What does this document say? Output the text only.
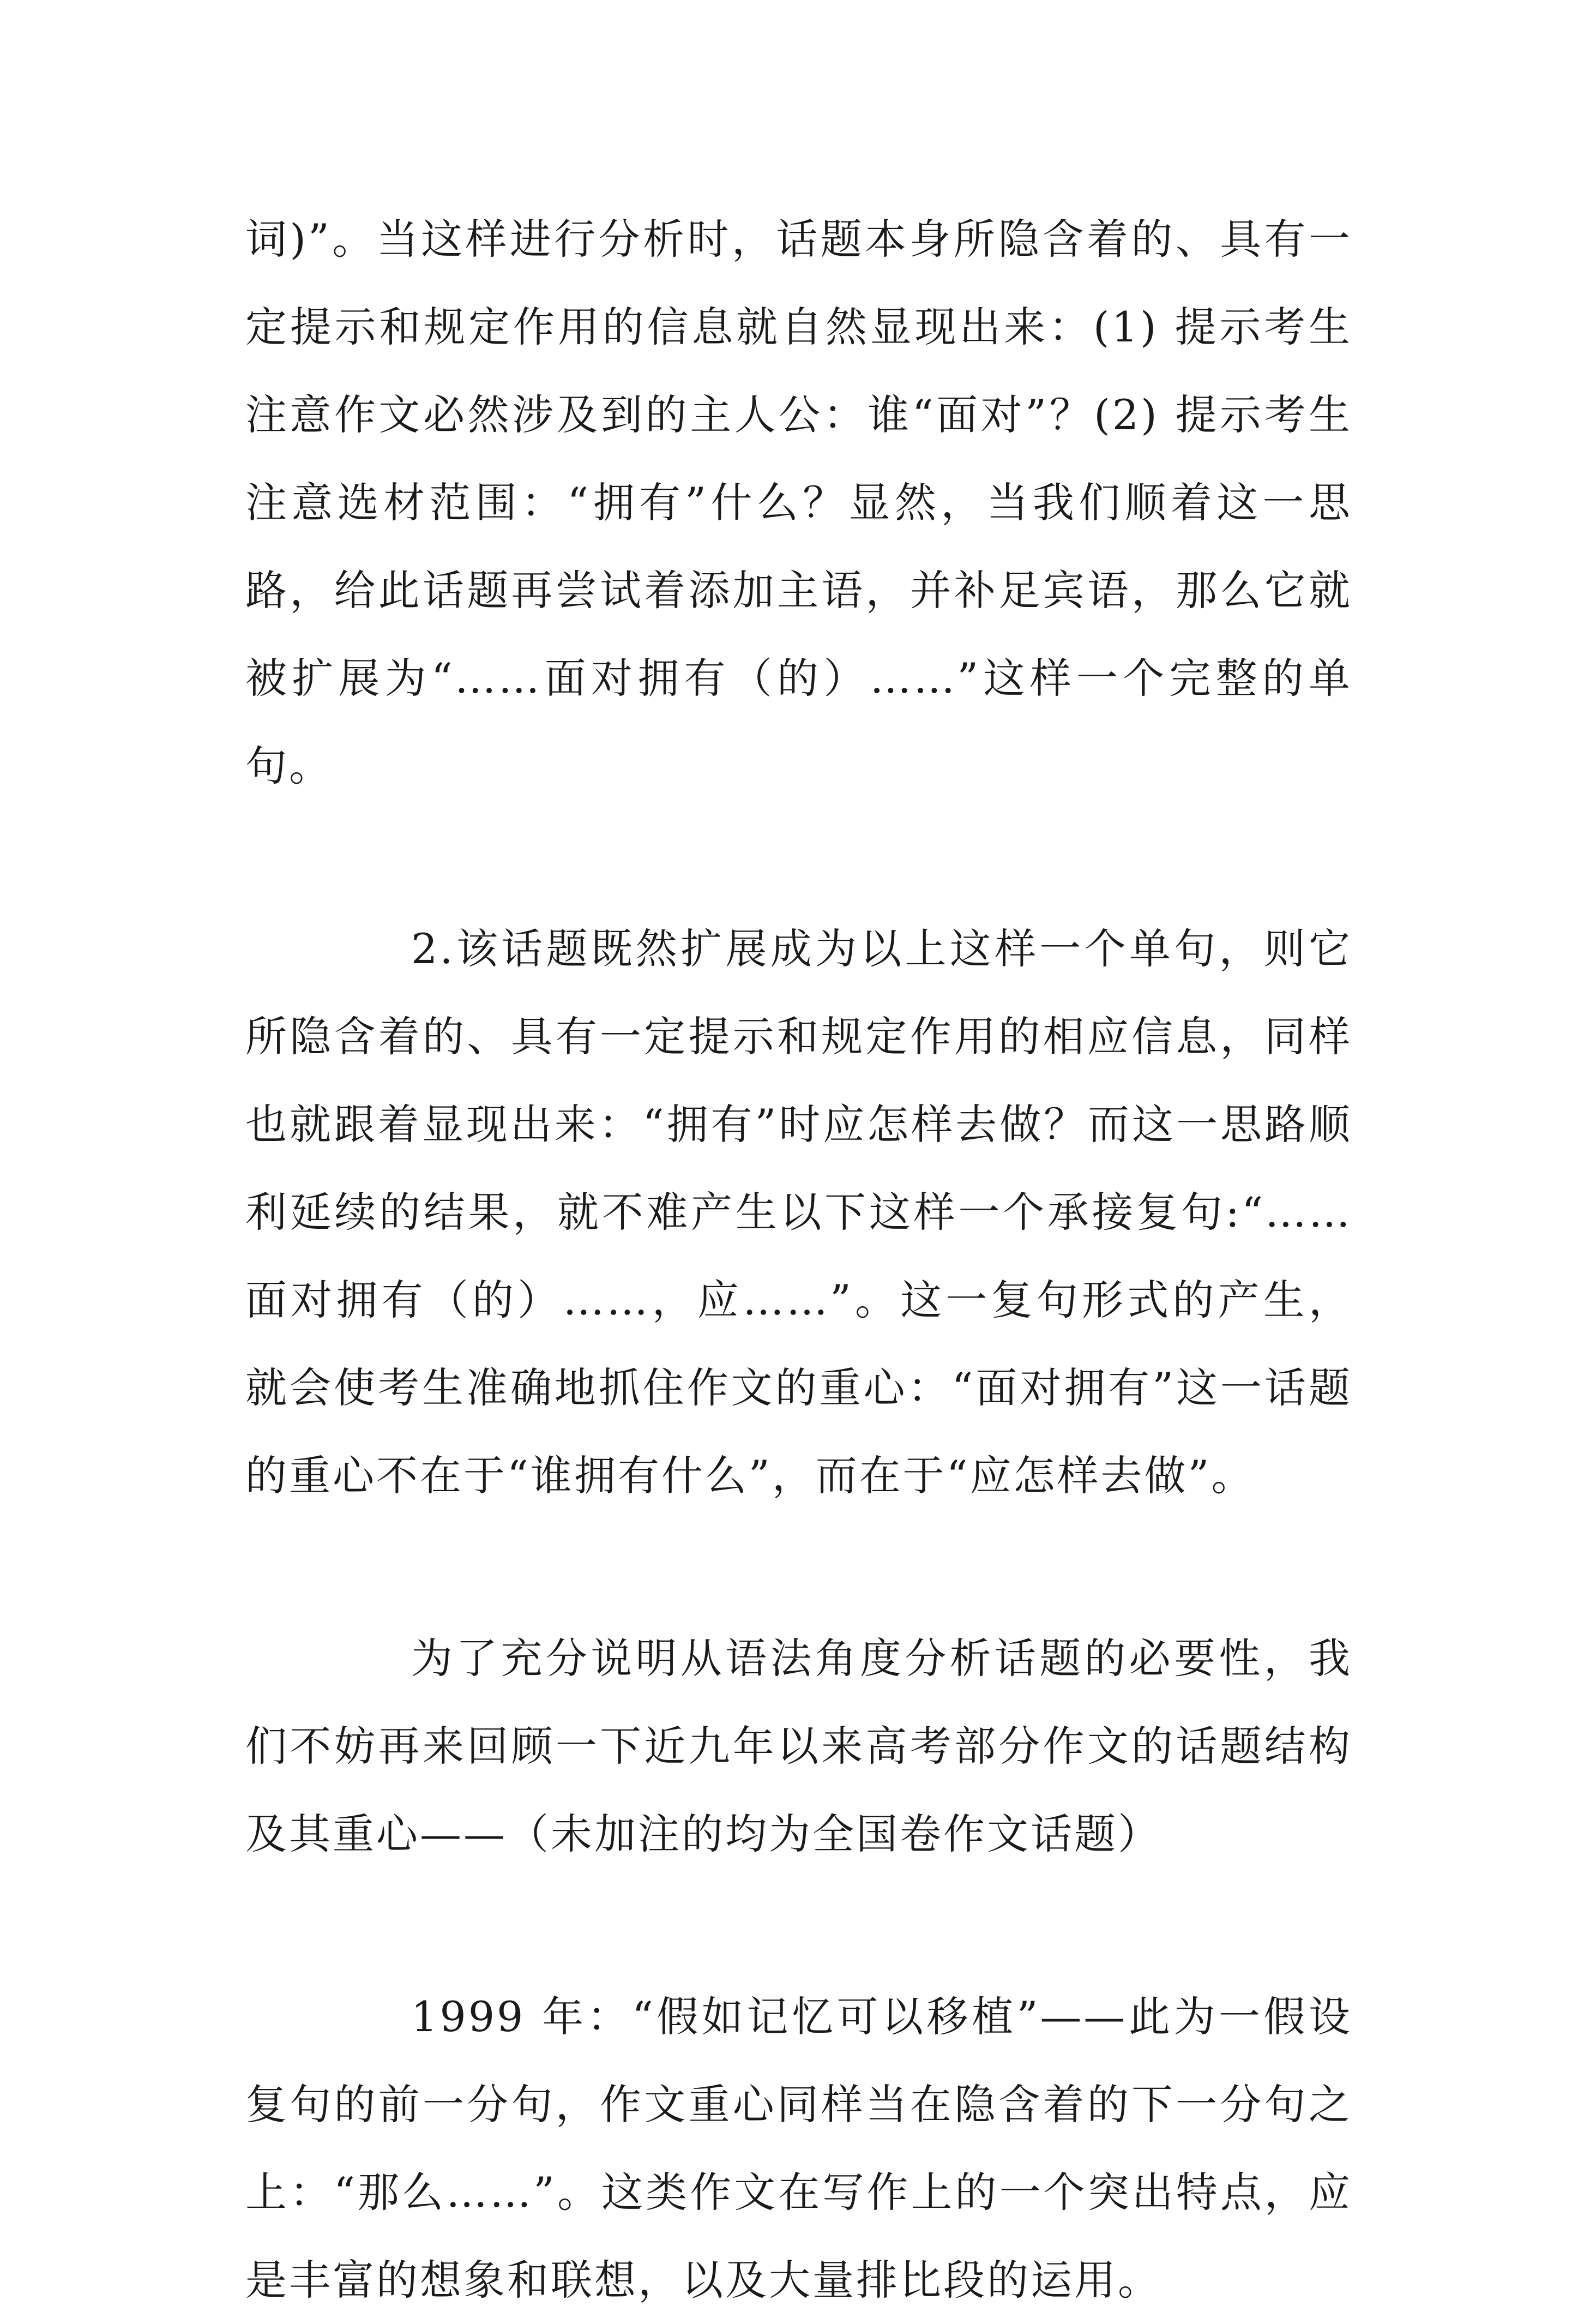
词)”。当这样进行分析时，话题本身所隐含着的、具有一定提示和规定作用的信息就自然显现出来：(1) 提示考生注意作文必然涉及到的主人公：谁“面对”？(2) 提示考生注意选材范围：“拥有”什么？显然，当我们顺着这一思路，给此话题再尝试着添加主语，并补足宾语，那么它就被扩展为“……面对拥有（的）……”这样一个完整的单句。

2.该话题既然扩展成为以上这样一个单句，则它所隐含着的、具有一定提示和规定作用的相应信息，同样也就跟着显现出来：“拥有”时应怎样去做？而这一思路顺利延续的结果，就不难产生以下这样一个承接复句:“……面对拥有（的）……，应……”。这一复句形式的产生，就会使考生准确地抓住作文的重心：“面对拥有”这一话题的重心不在于“谁拥有什么”，而在于“应怎样去做”。

为了充分说明从语法角度分析话题的必要性，我们不妨再来回顾一下近九年以来高考部分作文的话题结构及其重心——（未加注的均为全国卷作文话题）

1999 年：“假如记忆可以移植”——此为一假设复句的前一分句，作文重心同样当在隐含着的下一分句之上：“那么……”。这类作文在写作上的一个突出特点，应是丰富的想象和联想，以及大量排比段的运用。
